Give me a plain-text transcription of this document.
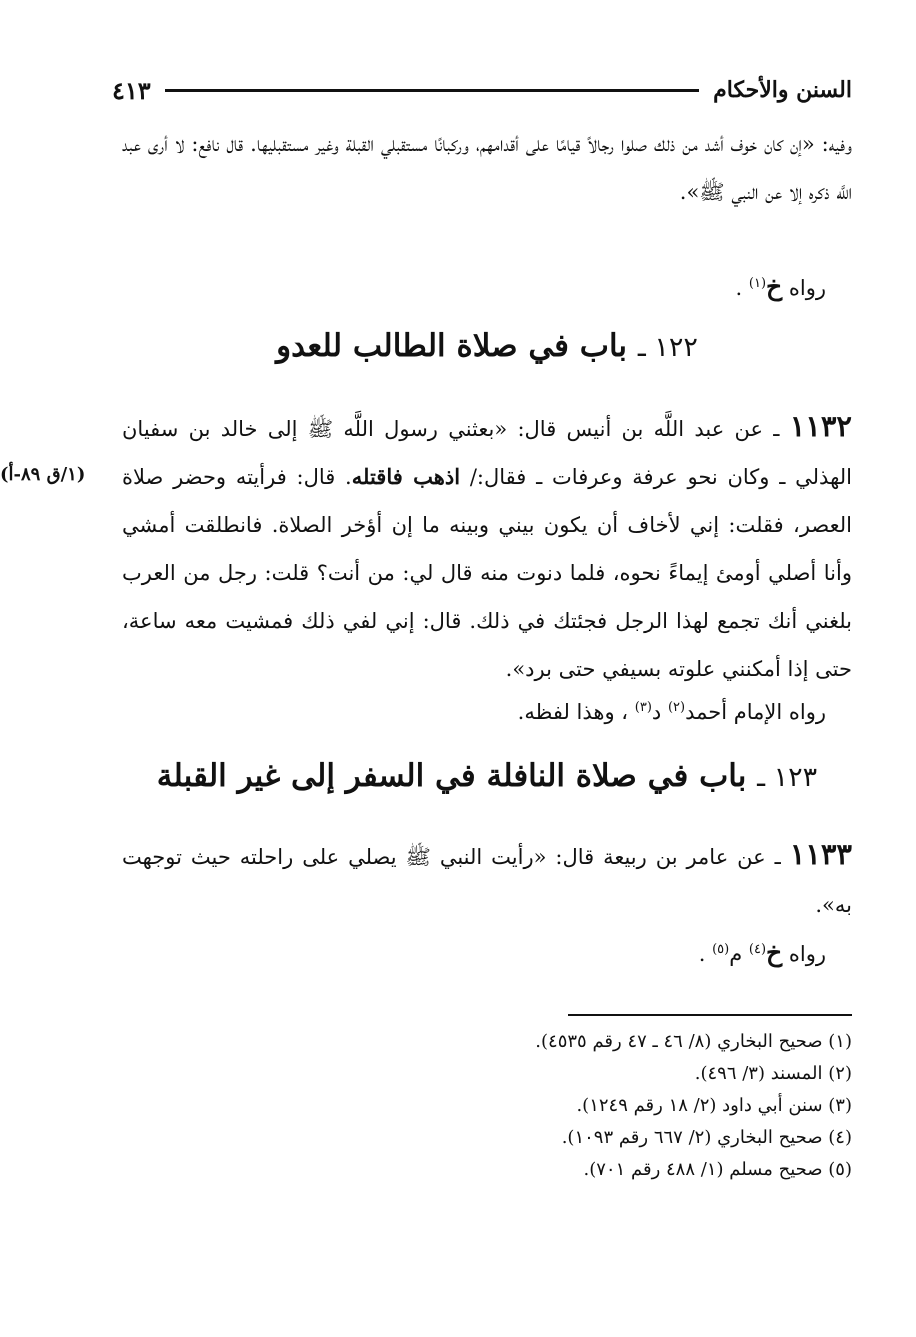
السنن والأحكام
٤١٣
وفيه: «إن كان خوف أشد من ذلك صلوا رجالاً قيامًا على أقدامهم، وركبانًا مستقبلي القبلة وغير مستقبليها. قال نافع: لا أرى عبد اللَّه ذكره إلا عن النبي ﷺ».
رواه خ$^{(١)}$ .
١٢٢ ـ باب في صلاة الطالب للعدو
١١٣٢ ـ عن عبد اللَّه بن أنيس قال: «بعثني رسول اللَّه ﷺ إلى خالد بن سفيان الهذلي ـ وكان نحو عرفة وعرفات ـ فقال:/ اذهب فاقتله. قال: فرأيته وحضر صلاة العصر، فقلت: إني لأخاف أن يكون بيني وبينه ما إن أؤخر الصلاة. فانطلقت أمشي وأنا أصلي أومئ إيماءً نحوه، فلما دنوت منه قال لي: من أنت؟ قلت: رجل من العرب بلغني أنك تجمع لهذا الرجل فجئتك في ذلك. قال: إني لفي ذلك فمشيت معه ساعة، حتى إذا أمكنني علوته بسيفي حتى برد».
(١/ق ٨٩-أ)
رواه الإمام أحمد$^{(٢)}$ د$^{(٣)}$ ، وهذا لفظه.
١٢٣ ـ باب في صلاة النافلة في السفر إلى غير القبلة
١١٣٣ ـ عن عامر بن ربيعة قال: «رأيت النبي ﷺ يصلي على راحلته حيث توجهت به».
رواه خ$^{(٤)}$ م$^{(٥)}$ .
(١) صحيح البخاري (٨/ ٤٦ ـ ٤٧ رقم ٤٥٣٥).
(٢) المسند (٣/ ٤٩٦).
(٣) سنن أبي داود (٢/ ١٨ رقم ١٢٤٩).
(٤) صحيح البخاري (٢/ ٦٦٧ رقم ١٠٩٣).
(٥) صحيح مسلم (١/ ٤٨٨ رقم ٧٠١).
